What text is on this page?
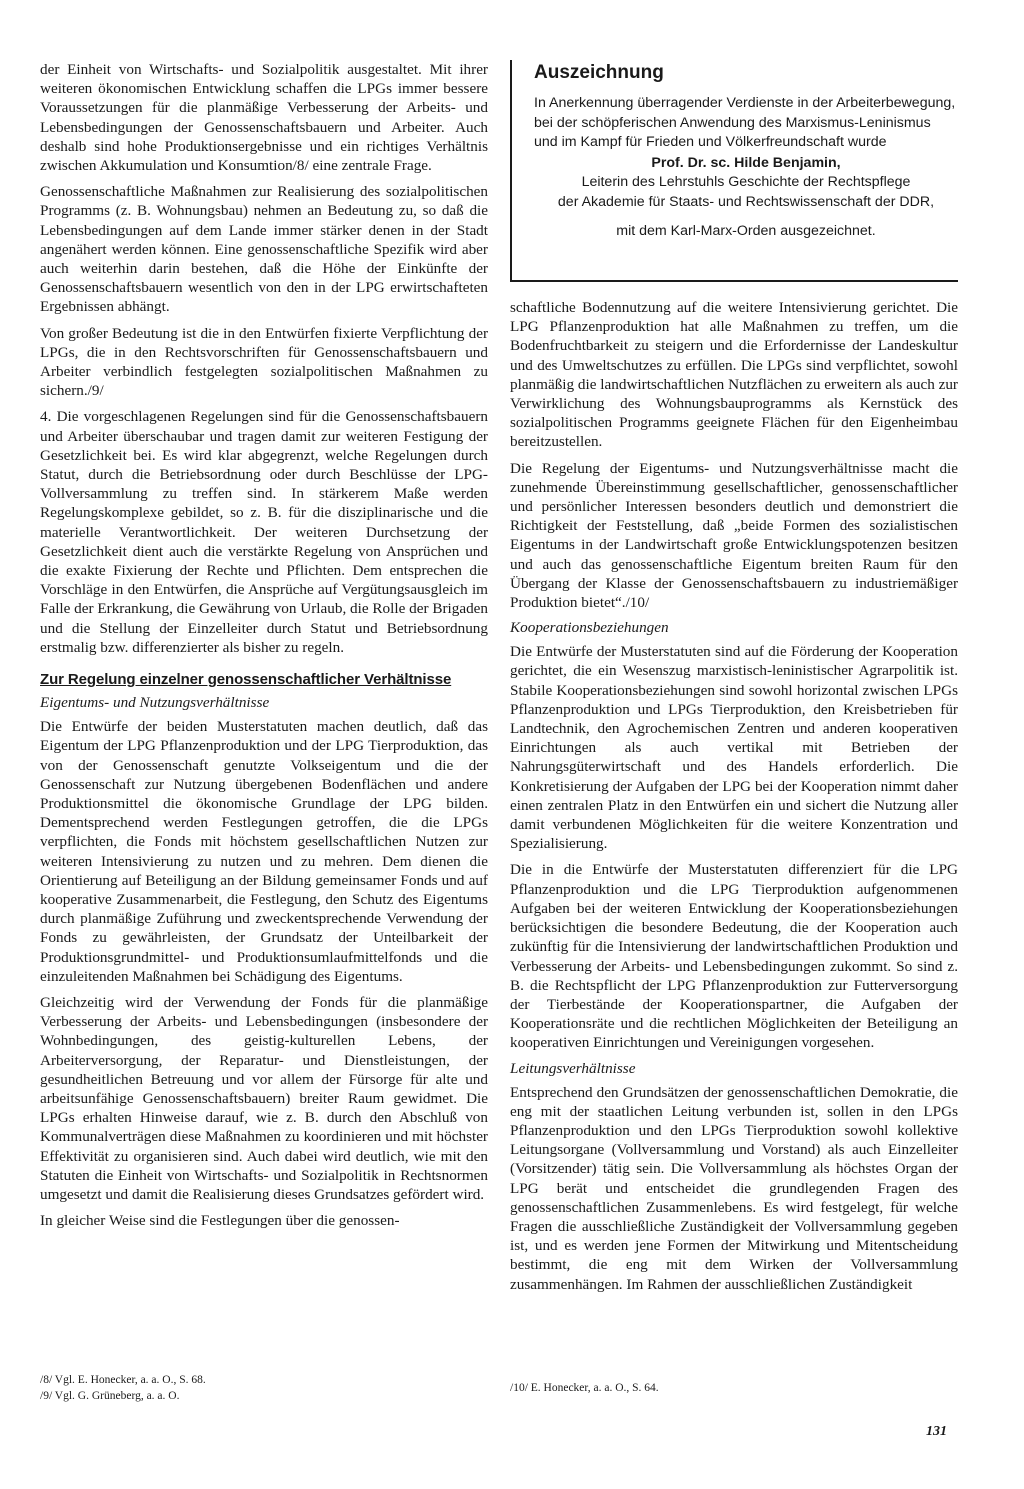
der Einheit von Wirtschafts- und Sozialpolitik ausgestaltet. Mit ihrer weiteren ökonomischen Entwicklung schaffen die LPGs immer bessere Voraussetzungen für die planmäßige Verbesserung der Arbeits- und Lebensbedingungen der Genossenschaftsbauern und Arbeiter. Auch deshalb sind hohe Produktionsergebnisse und ein richtiges Verhältnis zwischen Akkumulation und Konsumtion/8/ eine zentrale Frage.

Genossenschaftliche Maßnahmen zur Realisierung des sozialpolitischen Programms (z. B. Wohnungsbau) nehmen an Bedeutung zu, so daß die Lebensbedingungen auf dem Lande immer stärker denen in der Stadt angenähert werden können. Eine genossenschaftliche Spezifik wird aber auch weiterhin darin bestehen, daß die Höhe der Einkünfte der Genossenschaftsbauern wesentlich von den in der LPG erwirtschafteten Ergebnissen abhängt.

Von großer Bedeutung ist die in den Entwürfen fixierte Verpflichtung der LPGs, die in den Rechtsvorschriften für Genossenschaftsbauern und Arbeiter verbindlich festgelegten sozialpolitischen Maßnahmen zu sichern./9/

4. Die vorgeschlagenen Regelungen sind für die Genossenschaftsbauern und Arbeiter überschaubar und tragen damit zur weiteren Festigung der Gesetzlichkeit bei. Es wird klar abgegrenzt, welche Regelungen durch Statut, durch die Betriebsordnung oder durch Beschlüsse der LPG-Vollversammlung zu treffen sind. In stärkerem Maße werden Regelungskomplexe gebildet, so z. B. für die disziplinarische und die materielle Verantwortlichkeit. Der weiteren Durchsetzung der Gesetzlichkeit dient auch die verstärkte Regelung von Ansprüchen und die exakte Fixierung der Rechte und Pflichten. Dem entsprechen die Vorschläge in den Entwürfen, die Ansprüche auf Vergütungsausgleich im Falle der Erkrankung, die Gewährung von Urlaub, die Rolle der Brigaden und die Stellung der Einzelleiter durch Statut und Betriebsordnung erstmalig bzw. differenzierter als bisher zu regeln.

Zur Regelung einzelner genossenschaftlicher Verhältnisse
Eigentums- und Nutzungsverhältnisse

Die Entwürfe der beiden Musterstatuten machen deutlich, daß das Eigentum der LPG Pflanzenproduktion und der LPG Tierproduktion, das von der Genossenschaft genutzte Volkseigentum und die der Genossenschaft zur Nutzung übergebenen Bodenflächen und andere Produktionsmittel die ökonomische Grundlage der LPG bilden. Dementsprechend werden Festlegungen getroffen, die die LPGs verpflichten, die Fonds mit höchstem gesellschaftlichen Nutzen zur weiteren Intensivierung zu nutzen und zu mehren. Dem dienen die Orientierung auf Beteiligung an der Bildung gemeinsamer Fonds und auf kooperative Zusammenarbeit, die Festlegung, den Schutz des Eigentums durch planmäßige Zuführung und zweckentsprechende Verwendung der Fonds zu gewährleisten, der Grundsatz der Unteilbarkeit der Produktionsgrundmittel- und Produktionsumlaufmittelfonds und die einzuleitenden Maßnahmen bei Schädigung des Eigentums.

Gleichzeitig wird der Verwendung der Fonds für die planmäßige Verbesserung der Arbeits- und Lebensbedingungen (insbesondere der Wohnbedingungen, des geistig-kulturellen Lebens, der Arbeiterversorgung, der Reparatur- und Dienstleistungen, der gesundheitlichen Betreuung und vor allem der Fürsorge für alte und arbeitsunfähige Genossenschaftsbauern) breiter Raum gewidmet. Die LPGs erhalten Hinweise darauf, wie z. B. durch den Abschluß von Kommunalverträgen diese Maßnahmen zu koordinieren und mit höchster Effektivität zu organisieren sind. Auch dabei wird deutlich, wie mit den Statuten die Einheit von Wirtschafts- und Sozialpolitik in Rechtsnormen umgesetzt und damit die Realisierung dieses Grundsatzes gefördert wird.

In gleicher Weise sind die Festlegungen über die genossen-

Auszeichnung

In Anerkennung überragender Verdienste in der Arbeiterbewegung, bei der schöpferischen Anwendung des Marxismus-Leninismus und im Kampf für Frieden und Völkerfreundschaft wurde

Prof. Dr. sc. Hilde Benjamin,

Leiterin des Lehrstuhls Geschichte der Rechtspflege

der Akademie für Staats- und Rechtswissenschaft der DDR,

mit dem Karl-Marx-Orden ausgezeichnet.

schaftliche Bodennutzung auf die weitere Intensivierung gerichtet. Die LPG Pflanzenproduktion hat alle Maßnahmen zu treffen, um die Bodenfruchtbarkeit zu steigern und die Erfordernisse der Landeskultur und des Umweltschutzes zu erfüllen. Die LPGs sind verpflichtet, sowohl planmäßig die landwirtschaftlichen Nutzflächen zu erweitern als auch zur Verwirklichung des Wohnungsbauprogramms als Kernstück des sozialpolitischen Programms geeignete Flächen für den Eigenheimbau bereitzustellen.

Die Regelung der Eigentums- und Nutzungsverhältnisse macht die zunehmende Übereinstimmung gesellschaftlicher, genossenschaftlicher und persönlicher Interessen besonders deutlich und demonstriert die Richtigkeit der Feststellung, daß „beide Formen des sozialistischen Eigentums in der Landwirtschaft große Entwicklungspotenzen besitzen und auch das genossenschaftliche Eigentum breiten Raum für den Übergang der Klasse der Genossenschaftsbauern zu industriemäßiger Produktion bietet“./10/

Kooperationsbeziehungen

Die Entwürfe der Musterstatuten sind auf die Förderung der Kooperation gerichtet, die ein Wesenszug marxistisch-leninistischer Agrarpolitik ist. Stabile Kooperationsbeziehungen sind sowohl horizontal zwischen LPGs Pflanzenproduktion und LPGs Tierproduktion, den Kreisbetrieben für Landtechnik, den Agrochemischen Zentren und anderen kooperativen Einrichtungen als auch vertikal mit Betrieben der Nahrungsgüterwirtschaft und des Handels erforderlich. Die Konkretisierung der Aufgaben der LPG bei der Kooperation nimmt daher einen zentralen Platz in den Entwürfen ein und sichert die Nutzung aller damit verbundenen Möglichkeiten für die weitere Konzentration und Spezialisierung.

Die in die Entwürfe der Musterstatuten differenziert für die LPG Pflanzenproduktion und die LPG Tierproduktion aufgenommenen Aufgaben bei der weiteren Entwicklung der Kooperationsbeziehungen berücksichtigen die besondere Bedeutung, die der Kooperation auch zukünftig für die Intensivierung der landwirtschaftlichen Produktion und Verbesserung der Arbeits- und Lebensbedingungen zukommt. So sind z. B. die Rechtspflicht der LPG Pflanzenproduktion zur Futterversorgung der Tierbestände der Kooperationspartner, die Aufgaben der Kooperationsräte und die rechtlichen Möglichkeiten der Beteiligung an kooperativen Einrichtungen und Vereinigungen vorgesehen.

Leitungsverhältnisse

Entsprechend den Grundsätzen der genossenschaftlichen Demokratie, die eng mit der staatlichen Leitung verbunden ist, sollen in den LPGs Pflanzenproduktion und den LPGs Tierproduktion sowohl kollektive Leitungsorgane (Vollversammlung und Vorstand) als auch Einzelleiter (Vorsitzender) tätig sein. Die Vollversammlung als höchstes Organ der LPG berät und entscheidet die grundlegenden Fragen des genossenschaftlichen Zusammenlebens. Es wird festgelegt, für welche Fragen die ausschließliche Zuständigkeit der Vollversammlung gegeben ist, und es werden jene Formen der Mitwirkung und Mitentscheidung bestimmt, die eng mit dem Wirken der Vollversammlung zusammenhängen. Im Rahmen der ausschließlichen Zuständigkeit

/8/ Vgl. E. Honecker, a. a. O., S. 68.
/9/ Vgl. G. Grüneberg, a. a. O.
/10/ E. Honecker, a. a. O., S. 64.
131
